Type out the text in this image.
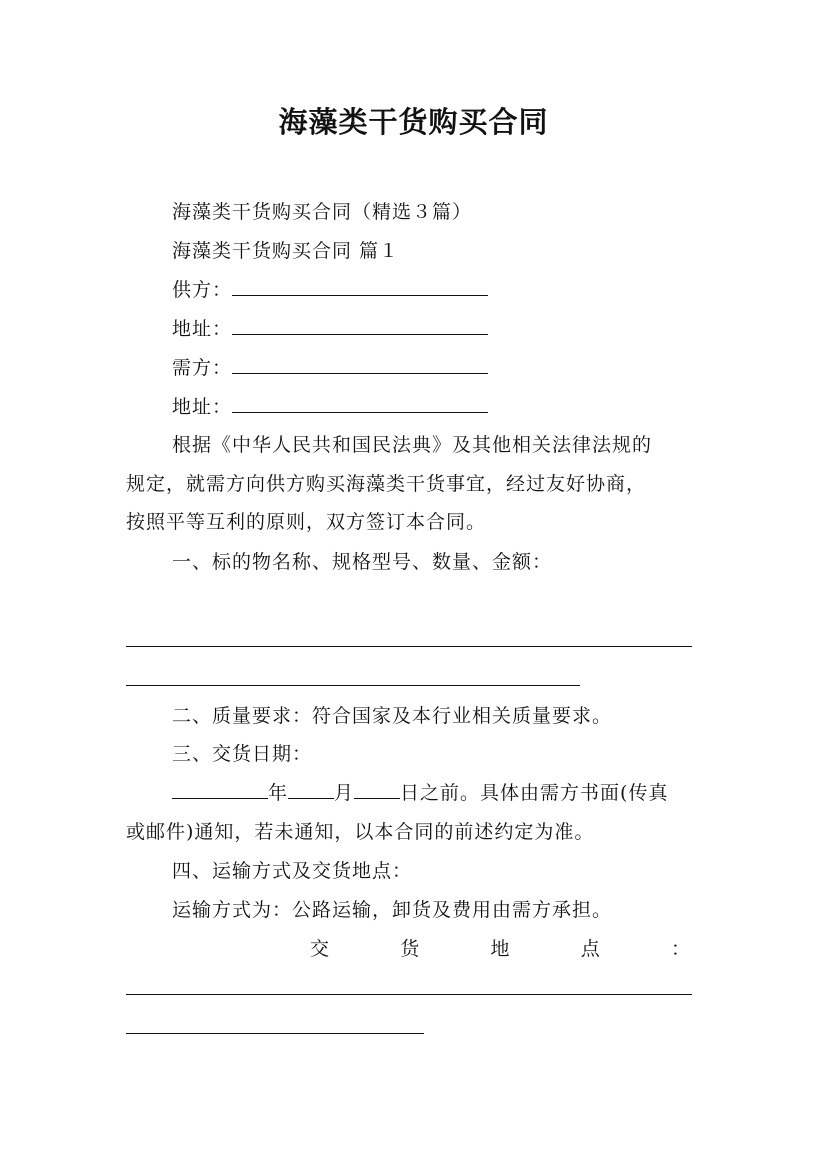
海藻类干货购买合同
海藻类干货购买合同（精选３篇）
海藻类干货购买合同 篇１
供方：
地址：
需方：
地址：
根据《中华人民共和国民法典》及其他相关法律法规的
规定，就需方向供方购买海藻类干货事宜，经过友好协商，
按照平等互利的原则，双方签订本合同。
一、标的物名称、规格型号、数量、金额：
二、质量要求：符合国家及本行业相关质量要求。
三、交货日期：
年 月 日之前。具体由需方书面(传真
或邮件)通知，若未通知，以本合同的前述约定为准。
四、运输方式及交货地点：
运输方式为：公路运输，卸货及费用由需方承担。
交	货	地	点	：
